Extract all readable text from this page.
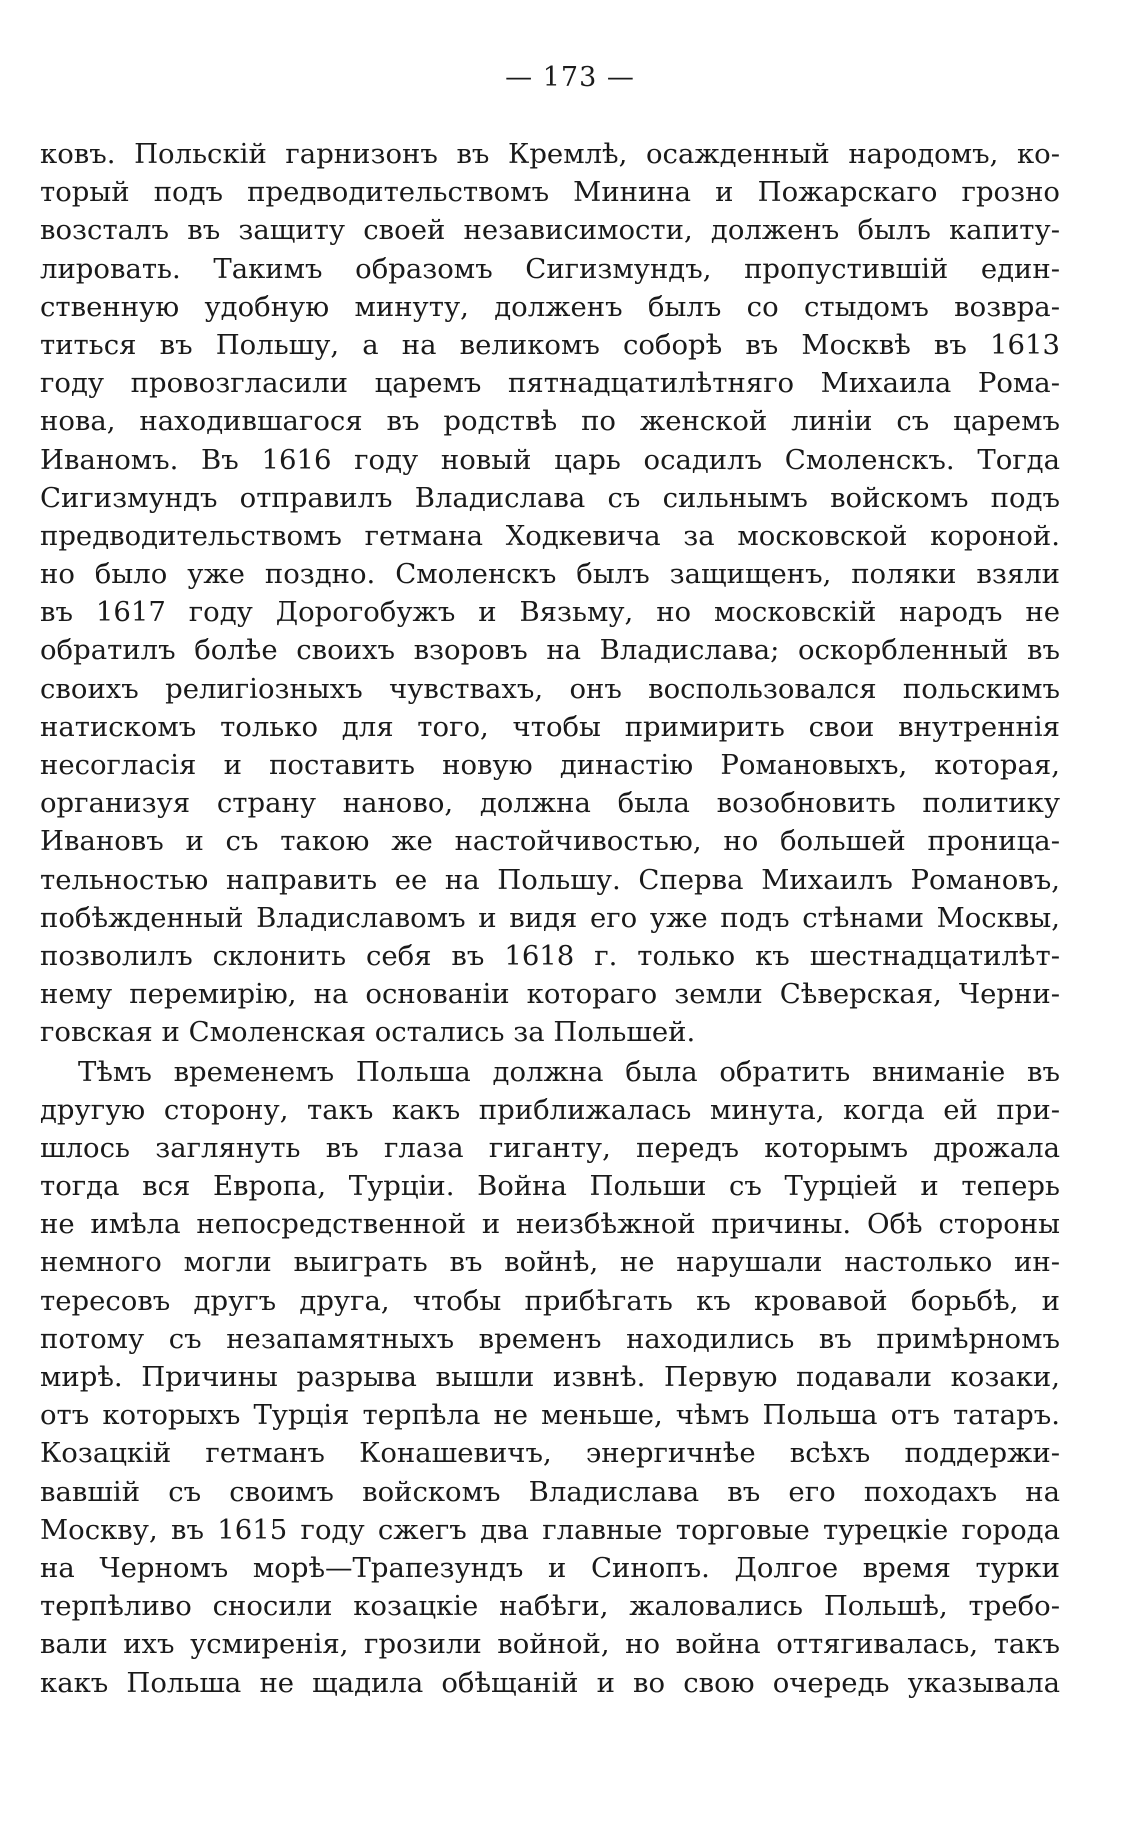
— 173 —
ковъ. Польскій гарнизонъ въ Кремлѣ, осажденный народомъ, ко-
торый подъ предводительствомъ Минина и Пожарскаго грозно
возсталъ въ защиту своей независимости, долженъ былъ капиту-
лировать. Такимъ образомъ Сигизмундъ, пропустившій един-
ственную удобную минуту, долженъ былъ со стыдомъ возвра-
титься въ Польшу, а на великомъ соборѣ въ Москвѣ въ 1613
году провозгласили царемъ пятнадцатилѣтняго Михаила Рома-
нова, находившагося въ родствѣ по женской линіи съ царемъ
Иваномъ. Въ 1616 году новый царь осадилъ Смоленскъ. Тогда
Сигизмундъ отправилъ Владислава съ сильнымъ войскомъ подъ
предводительствомъ гетмана Ходкевича за московской короной.
но было уже поздно. Смоленскъ былъ защищенъ, поляки взяли
въ 1617 году Дорогобужъ и Вязьму, но московскій народъ не
обратилъ болѣе своихъ взоровъ на Владислава; оскорбленный въ
своихъ религіозныхъ чувствахъ, онъ воспользовался польскимъ
натискомъ только для того, чтобы примирить свои внутреннія
несогласія и поставить новую династію Романовыхъ, которая,
организуя страну наново, должна была возобновить политику
Ивановъ и съ такою же настойчивостью, но большей проница-
тельностью направить ее на Польшу. Сперва Михаилъ Романовъ,
побѣжденный Владиславомъ и видя его уже подъ стѣнами Москвы,
позволилъ склонить себя въ 1618 г. только къ шестнадцатилѣт-
нему перемирію, на основаніи котораго земли Сѣверская, Черни-
говская и Смоленская остались за Польшей.
Тѣмъ временемъ Польша должна была обратить вниманіе въ
другую сторону, такъ какъ приближалась минута, когда ей при-
шлось заглянуть въ глаза гиганту, передъ которымъ дрожала
тогда вся Европа, Турціи. Война Польши съ Турціей и теперь
не имѣла непосредственной и неизбѣжной причины. Обѣ стороны
немного могли выиграть въ войнѣ, не нарушали настолько ин-
тересовъ другъ друга, чтобы прибѣгать къ кровавой борьбѣ, и
потому съ незапамятныхъ временъ находились въ примѣрномъ
мирѣ. Причины разрыва вышли извнѣ. Первую подавали козаки,
отъ которыхъ Турція терпѣла не меньше, чѣмъ Польша отъ татаръ.
Козацкій гетманъ Конашевичъ, энергичнѣе всѣхъ поддержи-
вавшій съ своимъ войскомъ Владислава въ его походахъ на
Москву, въ 1615 году сжегъ два главные торговые турецкіе города
на Черномъ морѣ—Трапезундъ и Синопъ. Долгое время турки
терпѣливо сносили козацкіе набѣги, жаловались Польшѣ, требо-
вали ихъ усмиренія, грозили войной, но война оттягивалась, такъ
какъ Польша не щадила обѣщаній и во свою очередь указывала
